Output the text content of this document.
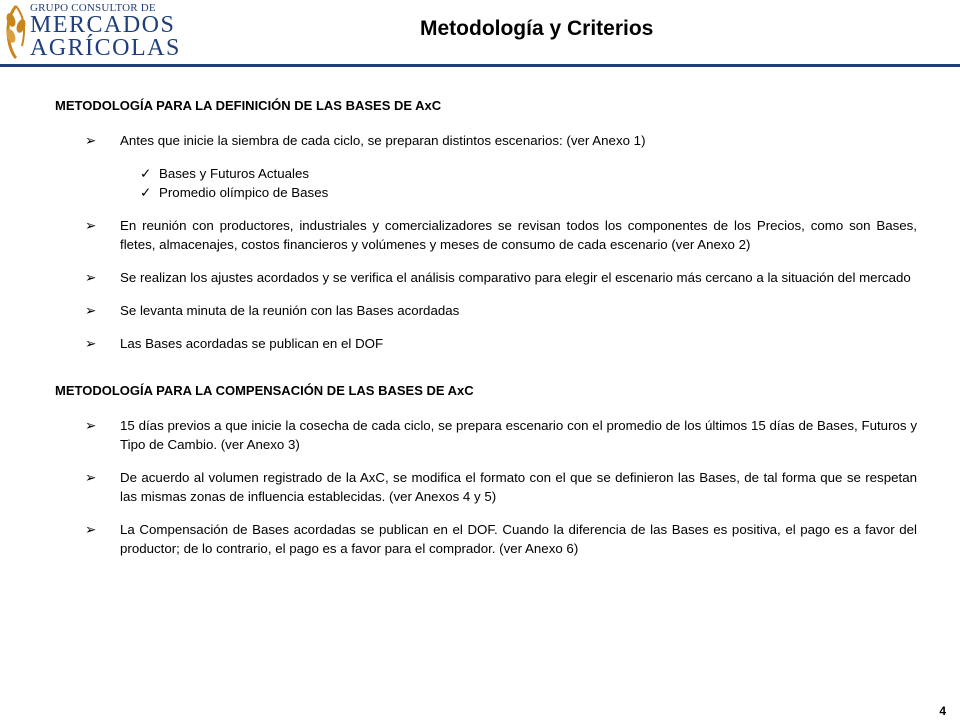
GRUPO CONSULTOR DE
MERCADOS
AGRÍCOLAS
Metodología y Criterios

METODOLOGÍA PARA LA DEFINICIÓN DE LAS BASES DE AxC

➢	Antes que inicie la siembra de cada ciclo, se preparan distintos escenarios: (ver Anexo 1)
✓ Bases y Futuros Actuales
✓ Promedio olímpico de Bases
➢	En reunión con productores, industriales y comercializadores se revisan todos los componentes de los Precios, como son Bases, fletes, almacenajes, costos financieros y volúmenes y meses de consumo de cada escenario (ver Anexo 2)
➢	Se realizan los ajustes acordados y se verifica el análisis comparativo para elegir el escenario más cercano a la situación del mercado
➢	Se levanta minuta de la reunión con las Bases acordadas
➢	Las Bases acordadas se publican en el DOF

METODOLOGÍA PARA LA COMPENSACIÓN DE LAS BASES DE AxC

➢	15 días previos a que inicie la cosecha de cada ciclo, se prepara escenario con el promedio de los últimos 15 días de Bases, Futuros y Tipo de Cambio. (ver Anexo 3)
➢	De acuerdo al volumen registrado de la AxC, se modifica el formato con el que se definieron las Bases, de tal forma que se respetan las mismas zonas de influencia establecidas. (ver Anexos 4 y 5)
➢	La Compensación de Bases acordadas se publican en el DOF. Cuando la diferencia de las Bases es positiva, el pago es a favor del productor; de lo contrario, el pago es a favor para el comprador. (ver Anexo 6)
4
